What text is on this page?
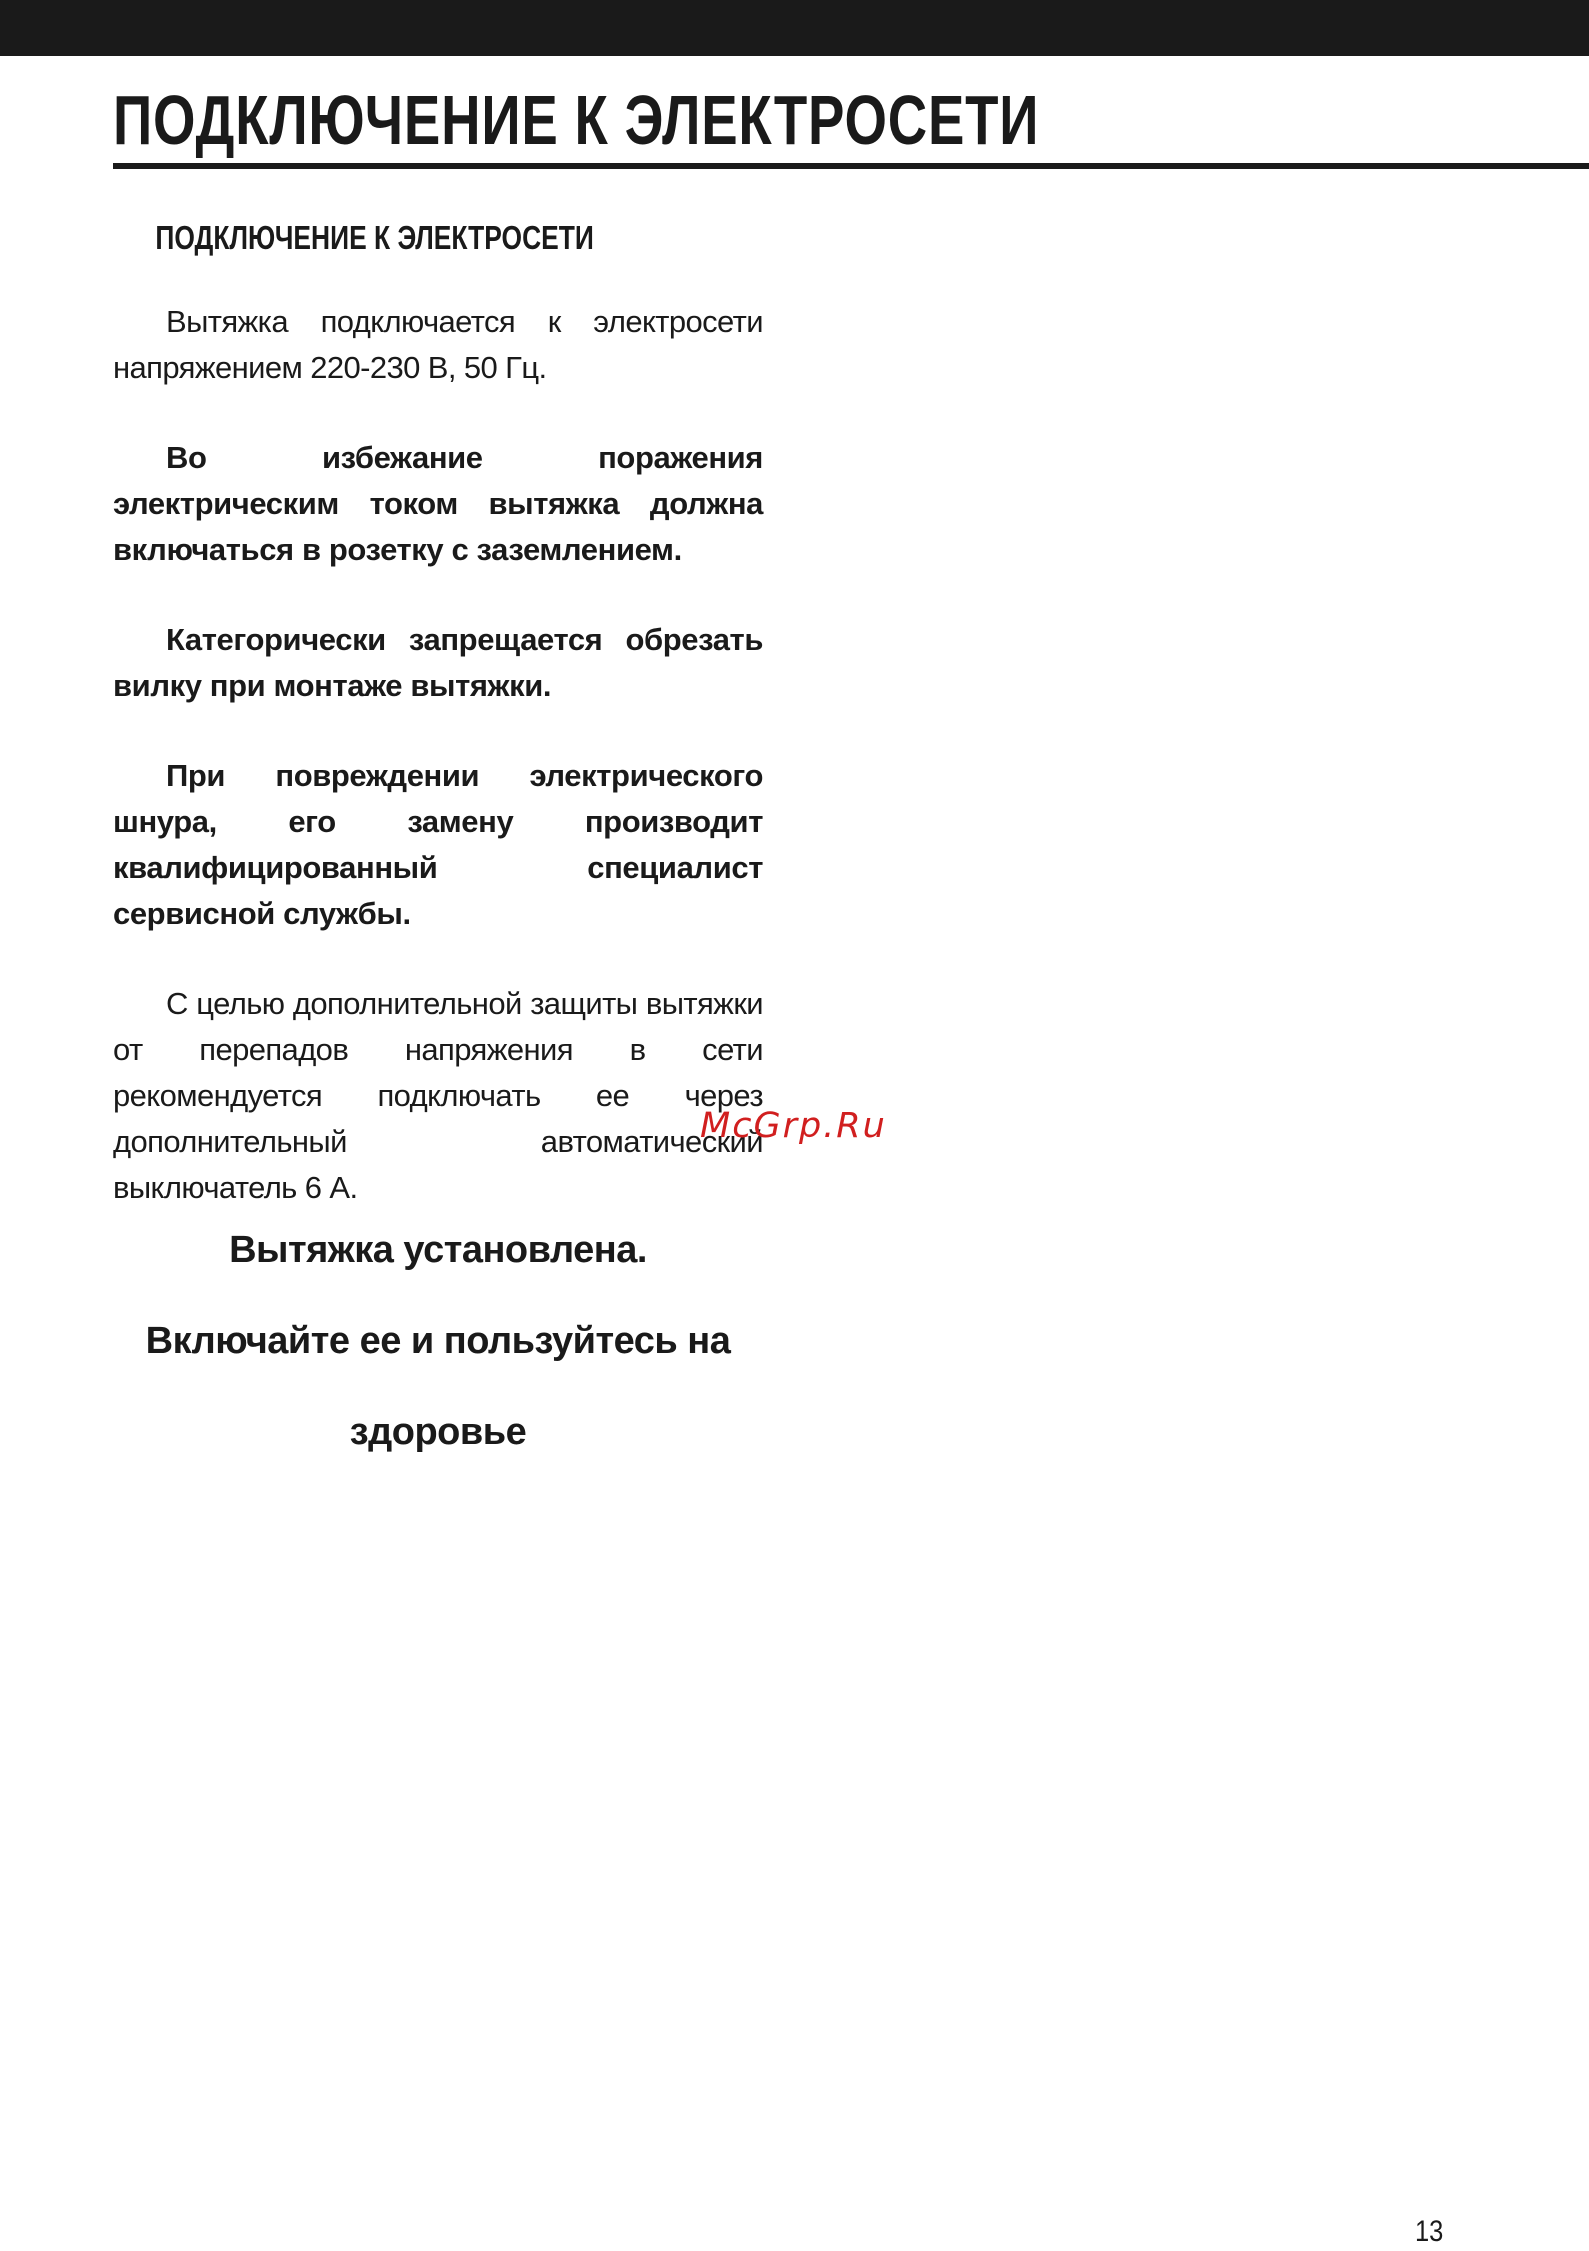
ПОДКЛЮЧЕНИЕ К ЭЛЕКТРОСЕТИ
ПОДКЛЮЧЕНИЕ К ЭЛЕКТРОСЕТИ

Вытяжка подключается к электросети напряжением 220-230 В, 50 Гц.

Во избежание поражения электрическим током вытяжка должна включаться в розетку с заземлением.

Категорически запрещается обрезать вилку при монтаже вытяжки.

При повреждении электрического шнура, его замену производит квалифицированный специалист сервисной службы.

С целью дополнительной защиты вытяжки от перепадов напряжения в сети рекомендуется подключать ее через дополнительный автоматический выключатель 6 А.

Вытяжка установлена.

Включайте ее и пользуйтесь на

здоровье

McGrp.Ru
13
